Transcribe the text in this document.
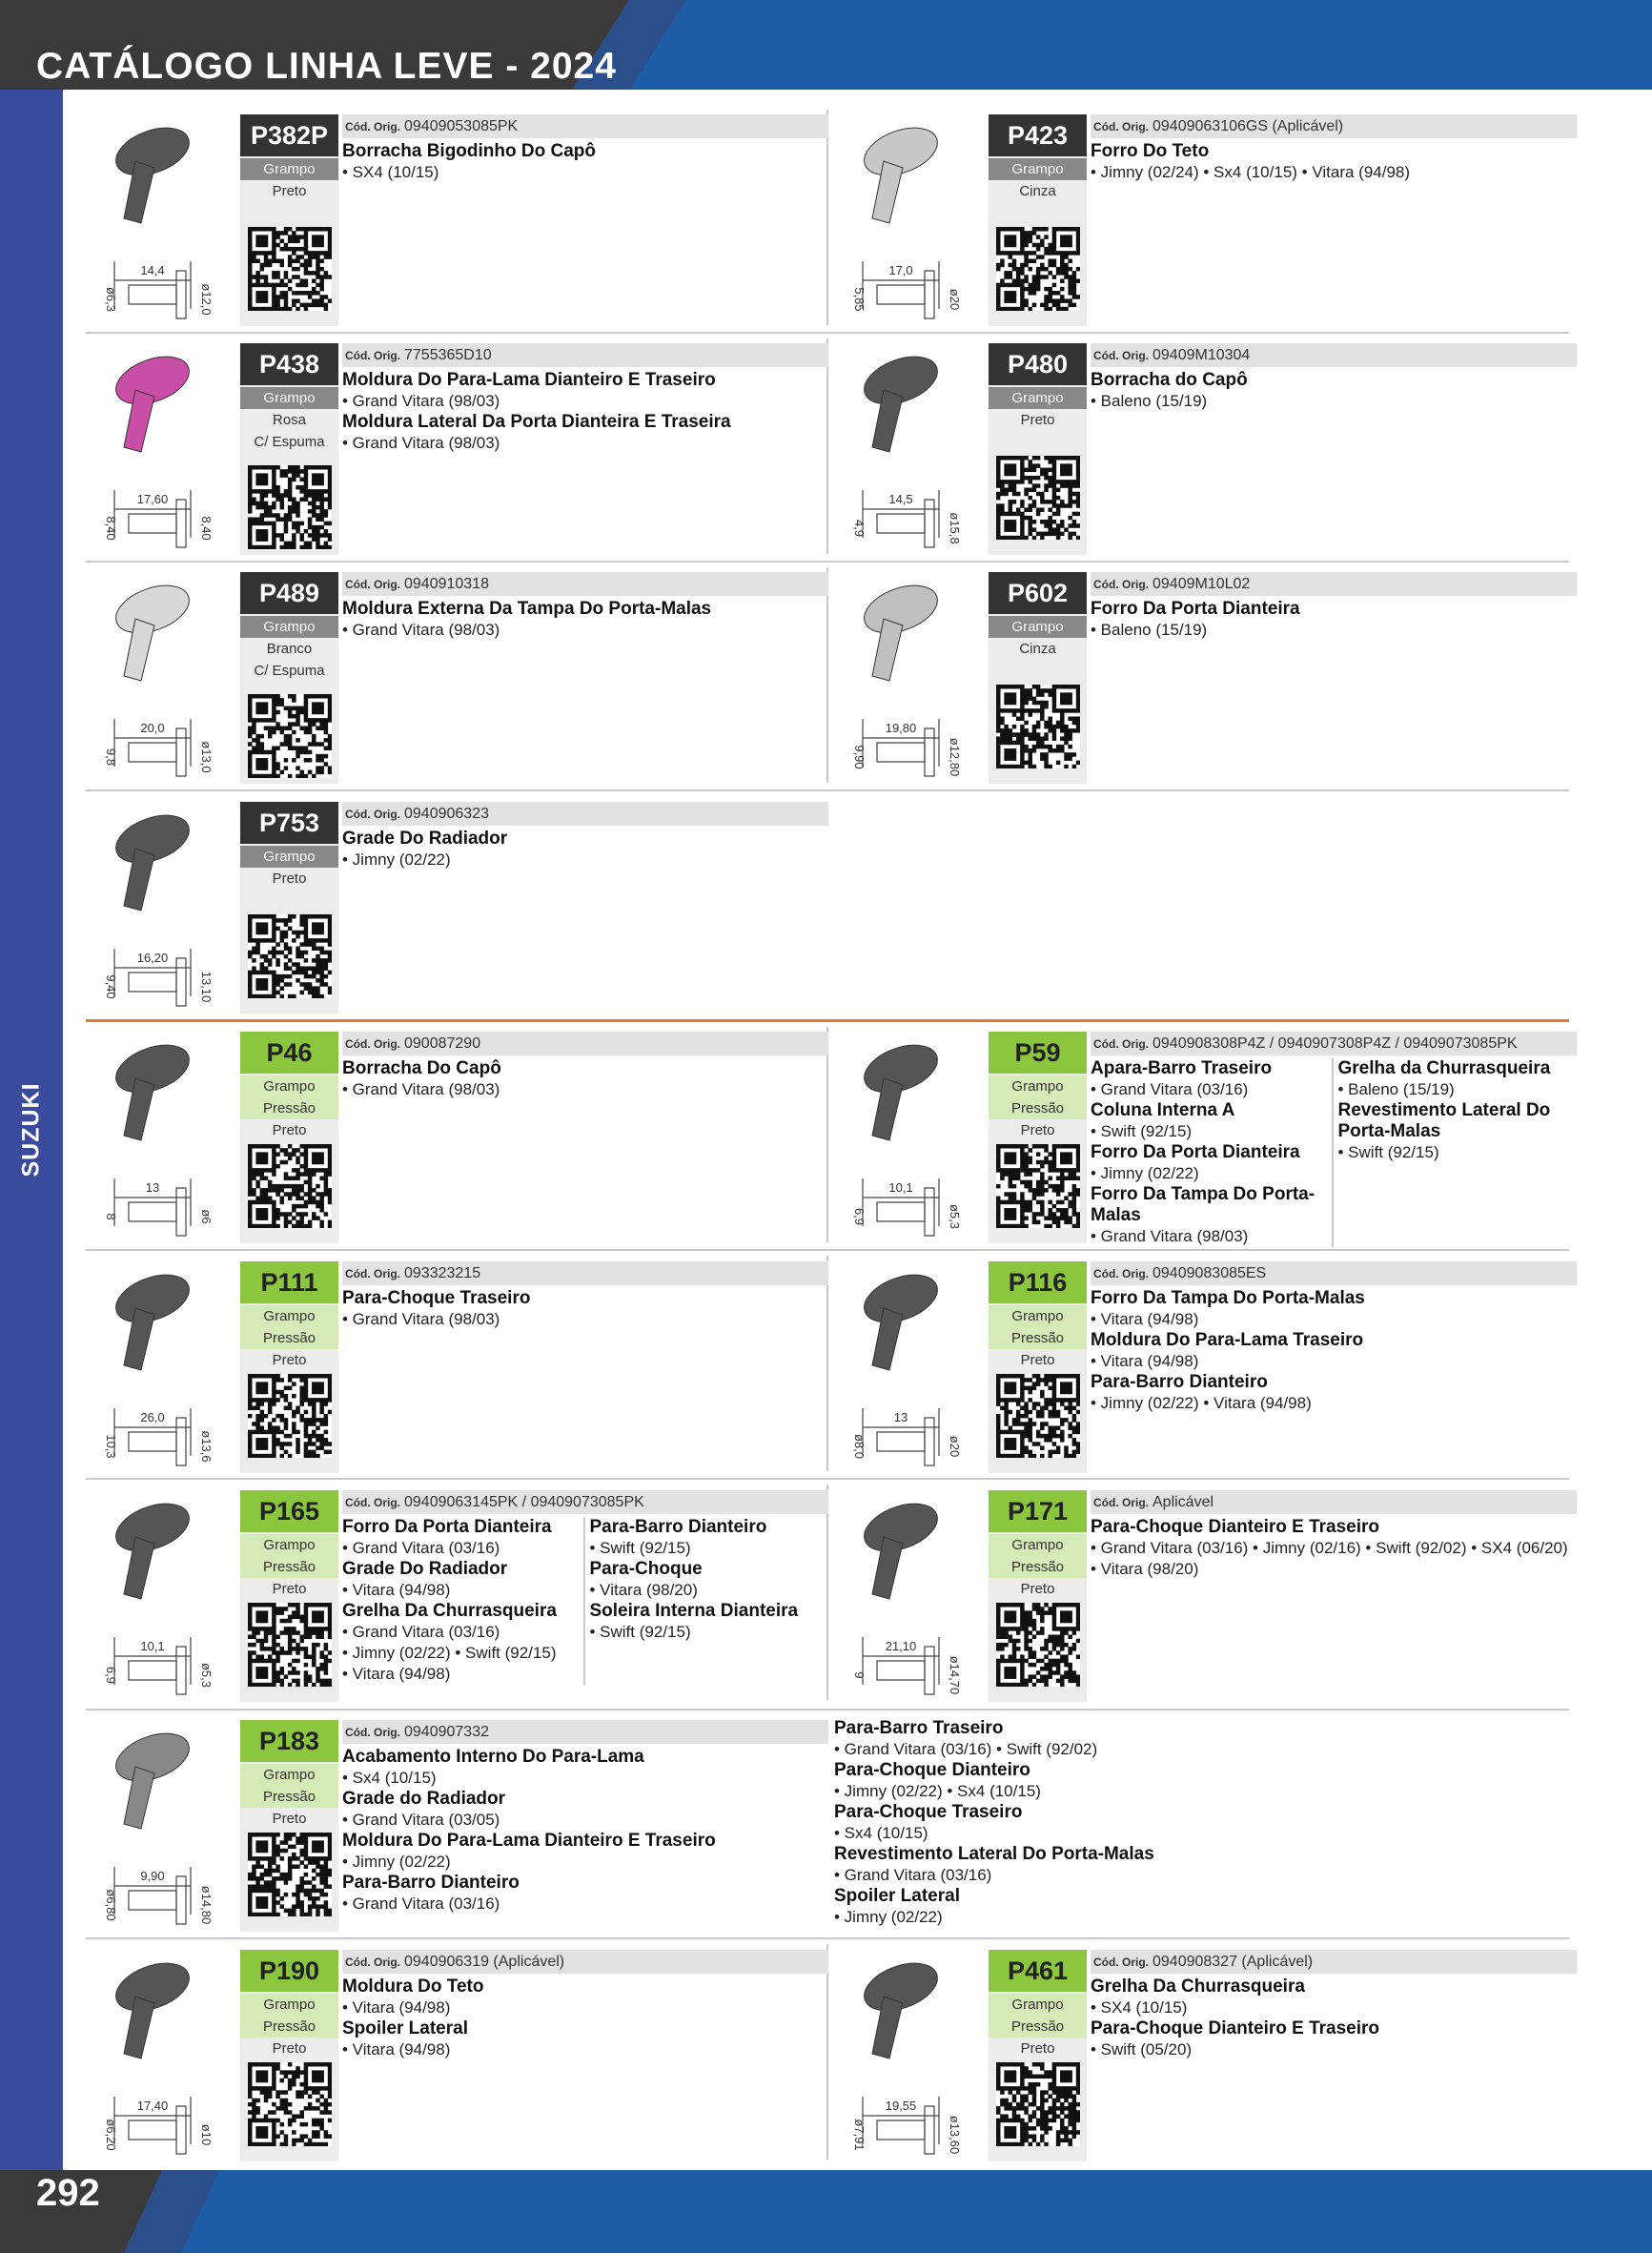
CATÁLOGO LINHA LEVE - 2024
SUZUKI
292
14,4
ø6,3	ø12,0
P382P
Grampo
Preto
Cód. Orig. 09409053085PK
Borracha Bigodinho Do Capô
• SX4 (10/15)
17,0
5,85	ø20
P423
Grampo
Cinza
Cód. Orig. 09409063106GS (Aplicável)
Forro Do Teto
• Jimny (02/24) • Sx4 (10/15) • Vitara (94/98)
17,60
8,40	8,40
P438
Grampo
Rosa
C/ Espuma
Cód. Orig. 7755365D10
Moldura Do Para-Lama Dianteiro E Traseiro
• Grand Vitara (98/03)
Moldura Lateral Da Porta Dianteira E Traseira
• Grand Vitara (98/03)
14,5
4,9	ø15,8
P480
Grampo
Preto
Cód. Orig. 09409M10304
Borracha do Capô
• Baleno (15/19)
20,0
9,8	ø13,0
P489
Grampo
Branco
C/ Espuma
Cód. Orig. 0940910318
Moldura Externa Da Tampa Do Porta-Malas
• Grand Vitara (98/03)
19,80
9,90	ø12,80
P602
Grampo
Cinza
Cód. Orig. 09409M10L02
Forro Da Porta Dianteira
• Baleno (15/19)
16,20
9,40	13,10
P753
Grampo
Preto
Cód. Orig. 0940906323
Grade Do Radiador
• Jimny (02/22)
13
8	ø6
P46
Grampo Pressão
Preto
Cód. Orig. 090087290
Borracha Do Capô
• Grand Vitara (98/03)
10,1
6,9	ø5,3
P59
Grampo Pressão
Preto
Cód. Orig. 0940908308P4Z / 0940907308P4Z / 09409073085PK
Apara-Barro Traseiro
• Grand Vitara (03/16)
Coluna Interna A
• Swift (92/15)
Forro Da Porta Dianteira
• Jimny (02/22)
Forro Da Tampa Do Porta-Malas
• Grand Vitara (98/03)
Grelha da Churrasqueira
• Baleno (15/19)
Revestimento Lateral Do Porta-Malas
• Swift (92/15)
26,0
10,3	ø13,6
P111
Grampo Pressão
Preto
Cód. Orig. 093323215
Para-Choque Traseiro
• Grand Vitara (98/03)
13
ø8,0	ø20
P116
Grampo Pressão
Preto
Cód. Orig. 09409083085ES
Forro Da Tampa Do Porta-Malas
• Vitara (94/98)
Moldura Do Para-Lama Traseiro
• Vitara (94/98)
Para-Barro Dianteiro
• Jimny (02/22) • Vitara (94/98)
10,1
6,9	ø5,3
P165
Grampo Pressão
Preto
Cód. Orig. 09409063145PK / 09409073085PK
Forro Da Porta Dianteira
• Grand Vitara (03/16)
Grade Do Radiador
• Vitara (94/98)
Grelha Da Churrasqueira
• Grand Vitara (03/16)
• Jimny (02/22) • Swift (92/15)
• Vitara (94/98)
Para-Barro Dianteiro
• Swift (92/15)
Para-Choque
• Vitara (98/20)
Soleira Interna Dianteira
• Swift (92/15)
21,10
9	ø14,70
P171
Grampo Pressão
Preto
Cód. Orig. Aplicável
Para-Choque Dianteiro E Traseiro
• Grand Vitara (03/16) • Jimny (02/16) • Swift (92/02) • SX4 (06/20)
• Vitara (98/20)
9,90
ø6,80	ø14,80
P183
Grampo Pressão
Preto
Cód. Orig. 0940907332
Acabamento Interno Do Para-Lama
• Sx4 (10/15)
Grade do Radiador
• Grand Vitara (03/05)
Moldura Do Para-Lama Dianteiro E Traseiro
• Jimny (02/22)
Para-Barro Dianteiro
• Grand Vitara (03/16)
17,40
ø6,20	ø10
P190
Grampo Pressão
Preto
Cód. Orig. 0940906319 (Aplicável)
Moldura Do Teto
• Vitara (94/98)
Spoiler Lateral
• Vitara (94/98)
19,55
ø7,91	ø13,60
P461
Grampo Pressão
Preto
Cód. Orig. 0940908327 (Aplicável)
Grelha Da Churrasqueira
• SX4 (10/15)
Para-Choque Dianteiro E Traseiro
• Swift (05/20)
Para-Barro Traseiro
• Grand Vitara (03/16) • Swift (92/02)
Para-Choque Dianteiro
• Jimny (02/22) • Sx4 (10/15)
Para-Choque Traseiro
• Sx4 (10/15)
Revestimento Lateral Do Porta-Malas
• Grand Vitara (03/16)
Spoiler Lateral
• Jimny (02/22)
